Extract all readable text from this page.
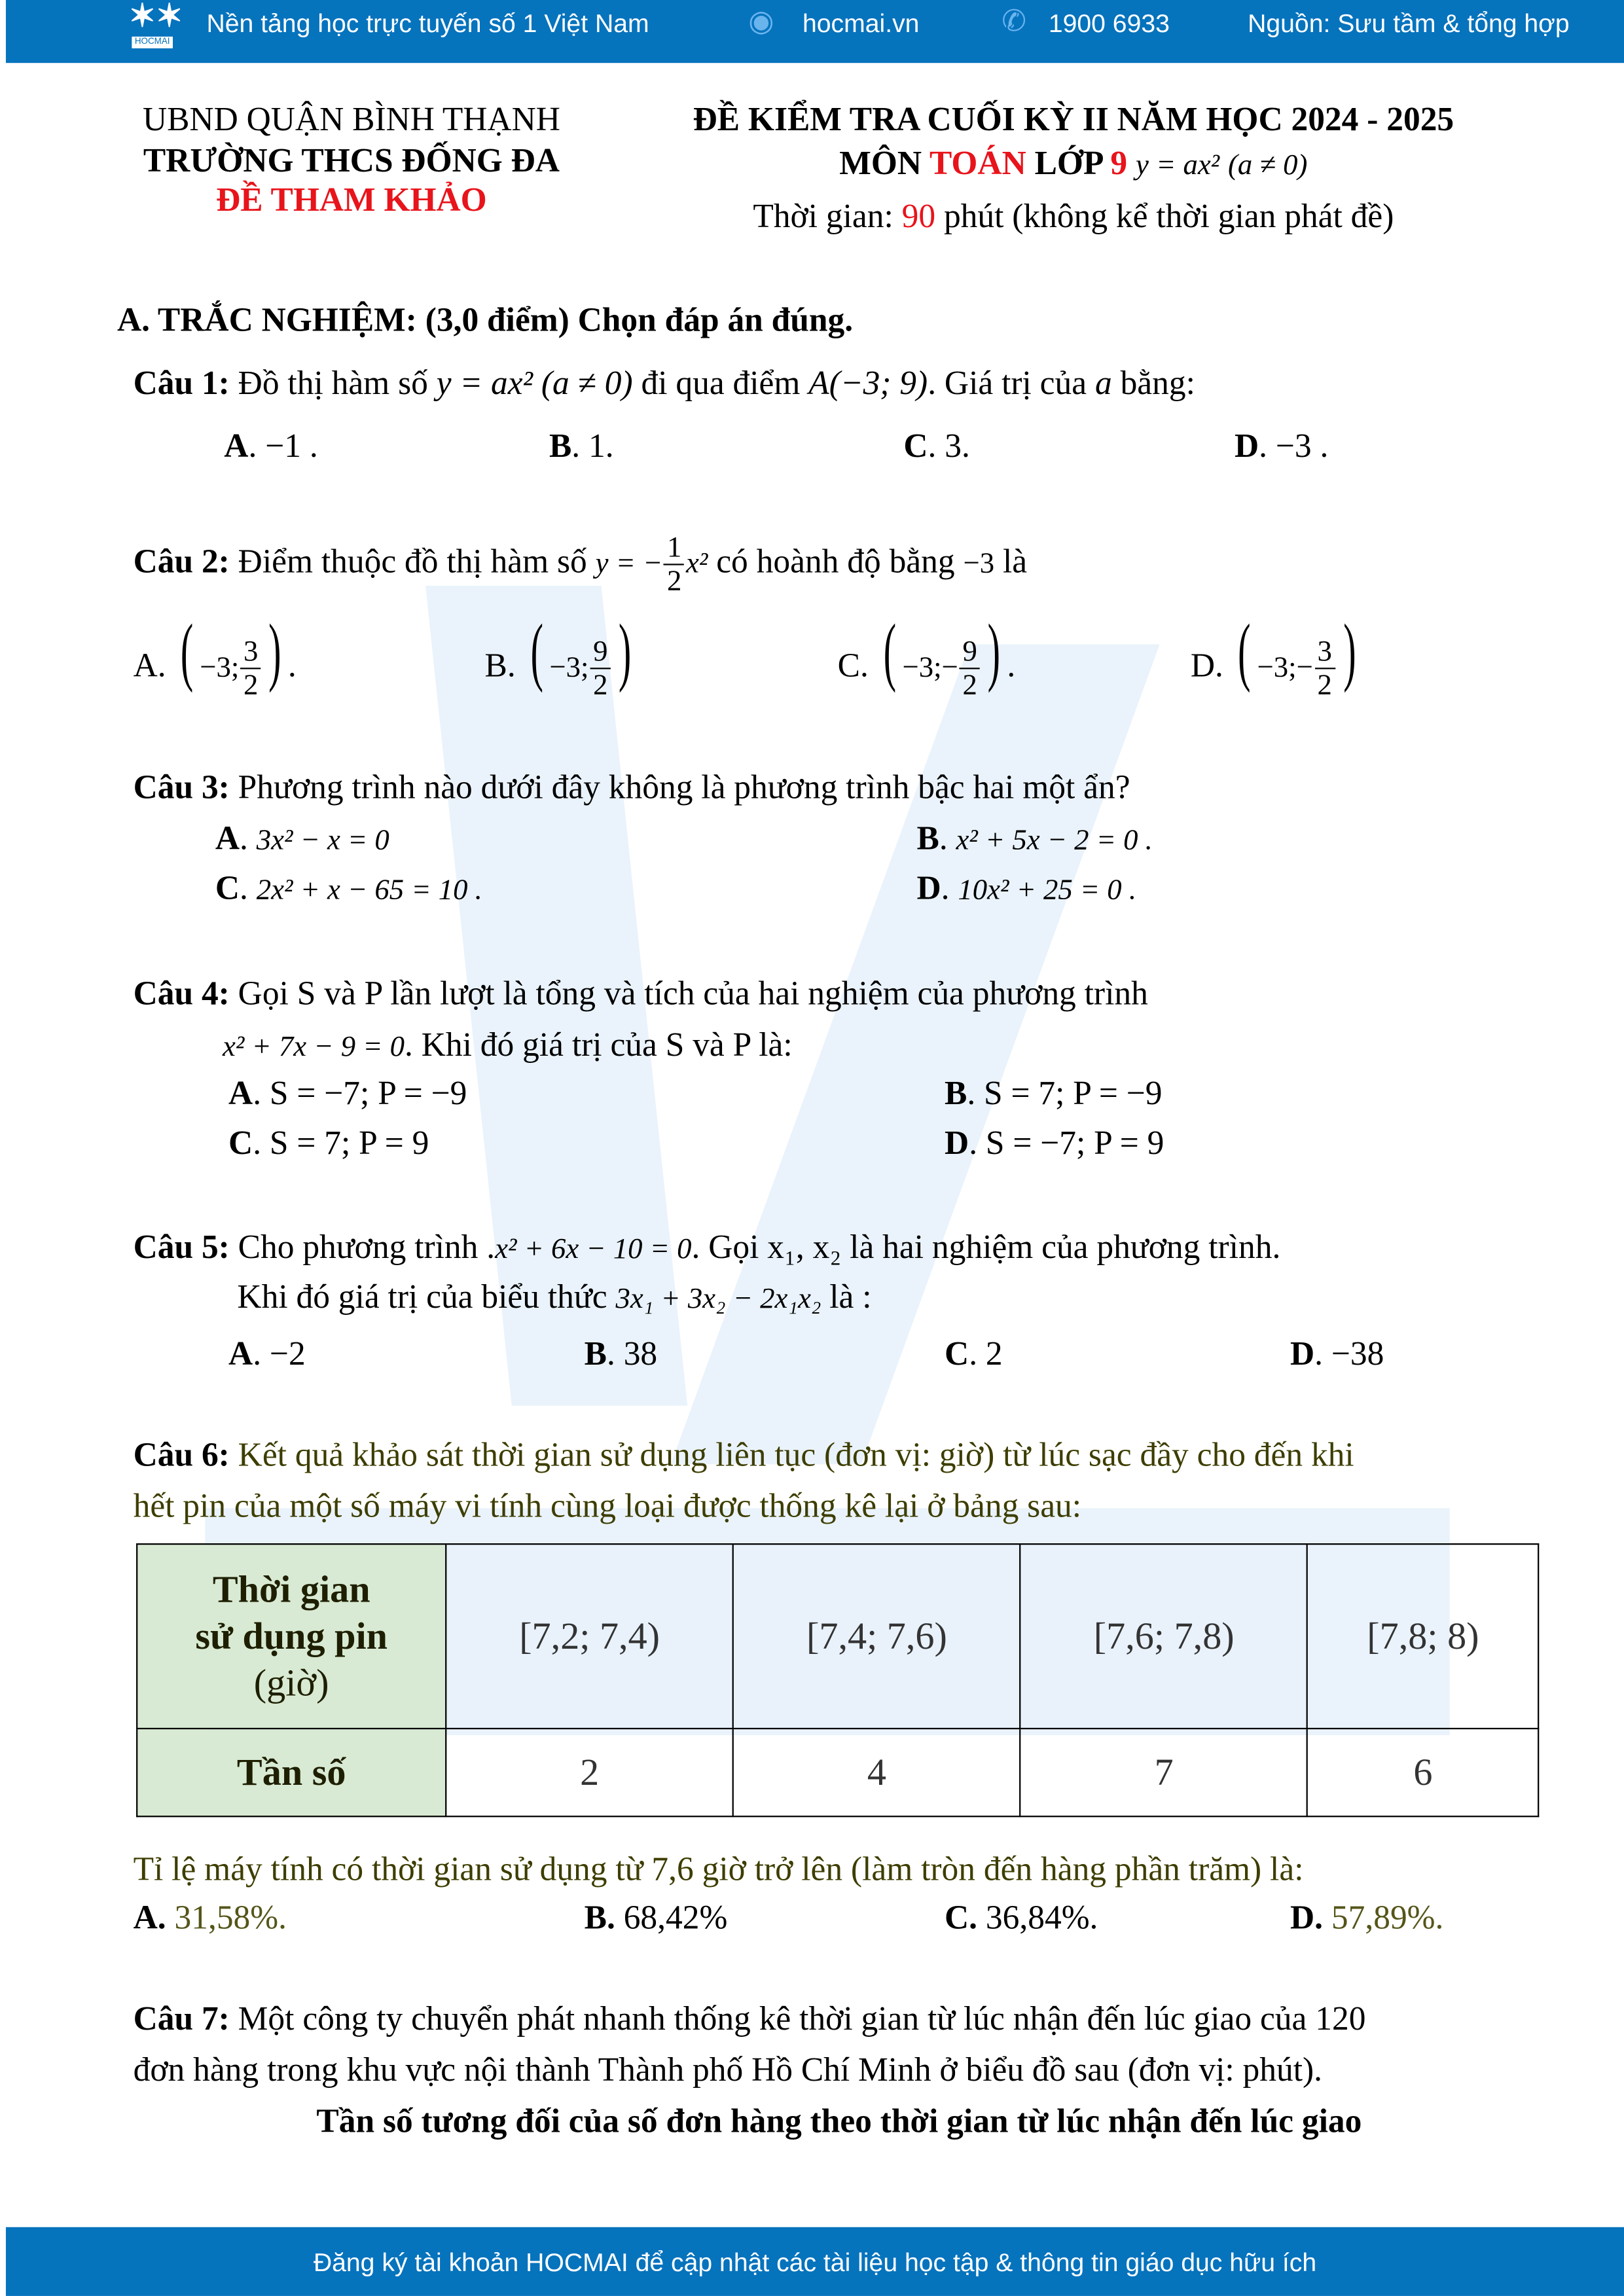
✶✶
HOCMAI
Nền tảng học trực tuyến số 1 Việt Nam	◉ hocmai.vn	✆ 1900 6933	Nguồn: Sưu tầm & tổng hợp
UBND QUẬN BÌNH THẠNH
TRƯỜNG THCS ĐỐNG ĐA
ĐỀ THAM KHẢO
ĐỀ KIỂM TRA CUỐI KỲ II NĂM HỌC 2024 - 2025
MÔN TOÁN LỚP 9 y = ax² (a ≠ 0)
Thời gian: 90 phút (không kể thời gian phát đề)
A. TRẮC NGHIỆM: (3,0 điểm) Chọn đáp án đúng.
Câu 1: Đồ thị hàm số y = ax² (a ≠ 0) đi qua điểm A(−3; 9). Giá trị của a bằng:
A. −1 .	B. 1.	C. 3.	D. −3 .
Câu 2: Điểm thuộc đồ thị hàm số y = − $\frac{1}{2} x^2$ có hoành độ bằng −3 là
A. ( −3; $\frac{3}{2}$ ) .	B. ( −3; $\frac{9}{2}$ )	C. ( −3;− $\frac{9}{2}$ ) .	D. ( −3;− $\frac{3}{2}$ )
Câu 3: Phương trình nào dưới đây không là phương trình bậc hai một ẩn?
A. 3x² − x = 0	B. x² + 5x − 2 = 0 .
C. 2x² + x − 65 = 10 .	D. 10x² + 25 = 0 .
Câu 4: Gọi S và P lần lượt là tổng và tích của hai nghiệm của phương trình
x² + 7x − 9 = 0. Khi đó giá trị của S và P là:
A. S = −7; P = −9	B. S = 7; P = −9
C. S = 7; P = 9	D. S = −7; P = 9
Câu 5: Cho phương trình .x² + 6x − 10 = 0. Gọi x₁, x₂ là hai nghiệm của phương trình.
Khi đó giá trị của biểu thức 3x₁ + 3x₂ − 2x₁x₂ là :
A. −2	B. 38	C. 2	D. −38
Câu 6: Kết quả khảo sát thời gian sử dụng liên tục (đơn vị: giờ) từ lúc sạc đầy cho đến khi
hết pin của một số máy vi tính cùng loại được thống kê lại ở bảng sau:
Thời gian
sử dụng pin
(giờ)	[7,2; 7,4)	[7,4; 7,6)	[7,6; 7,8)	[7,8; 8)
Tần số	2	4	7	6
Tỉ lệ máy tính có thời gian sử dụng từ 7,6 giờ trở lên (làm tròn đến hàng phần trăm) là:
A. 31,58%.	B. 68,42%	C. 36,84%.	D. 57,89%.
Câu 7: Một công ty chuyển phát nhanh thống kê thời gian từ lúc nhận đến lúc giao của 120
đơn hàng trong khu vực nội thành Thành phố Hồ Chí Minh ở biểu đồ sau (đơn vị: phút).
Tần số tương đối của số đơn hàng theo thời gian từ lúc nhận đến lúc giao
Đăng ký tài khoản HOCMAI để cập nhật các tài liệu học tập & thông tin giáo dục hữu ích
